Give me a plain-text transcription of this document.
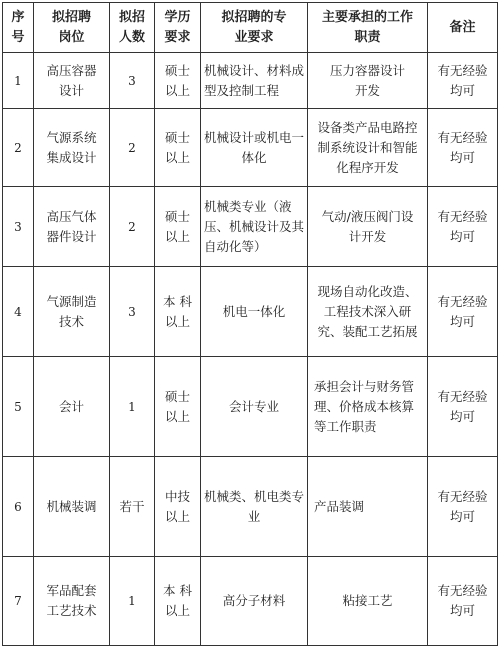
序号	拟招聘岗位	拟招人数	学历要求	拟招聘的专业要求	主要承担的工作职责	备注
1	高压容器设计	3	硕士以上	机械设计、材料成型及控制工程	压力容器设计开发	有无经验均可
2	气源系统集成设计	2	硕士以上	机械设计或机电一体化	设备类产品电路控制系统设计和智能化程序开发	有无经验均可
3	高压气体器件设计	2	硕士以上	机械类专业（液压、机械设计及其自动化等）	气动/液压阀门设计开发	有无经验均可
4	气源制造技术	3	本 科以上	机电一体化	现场自动化改造、工程技术深入研究、装配工艺拓展	有无经验均可
5	会计	1	硕士以上	会计专业	承担会计与财务管理、价格成本核算等工作职责	有无经验均可
6	机械装调	若干	中技以上	机械类、机电类专业	产品装调	有无经验均可
7	军品配套工艺技术	1	本 科以上	高分子材料	粘接工艺	有无经验均可
